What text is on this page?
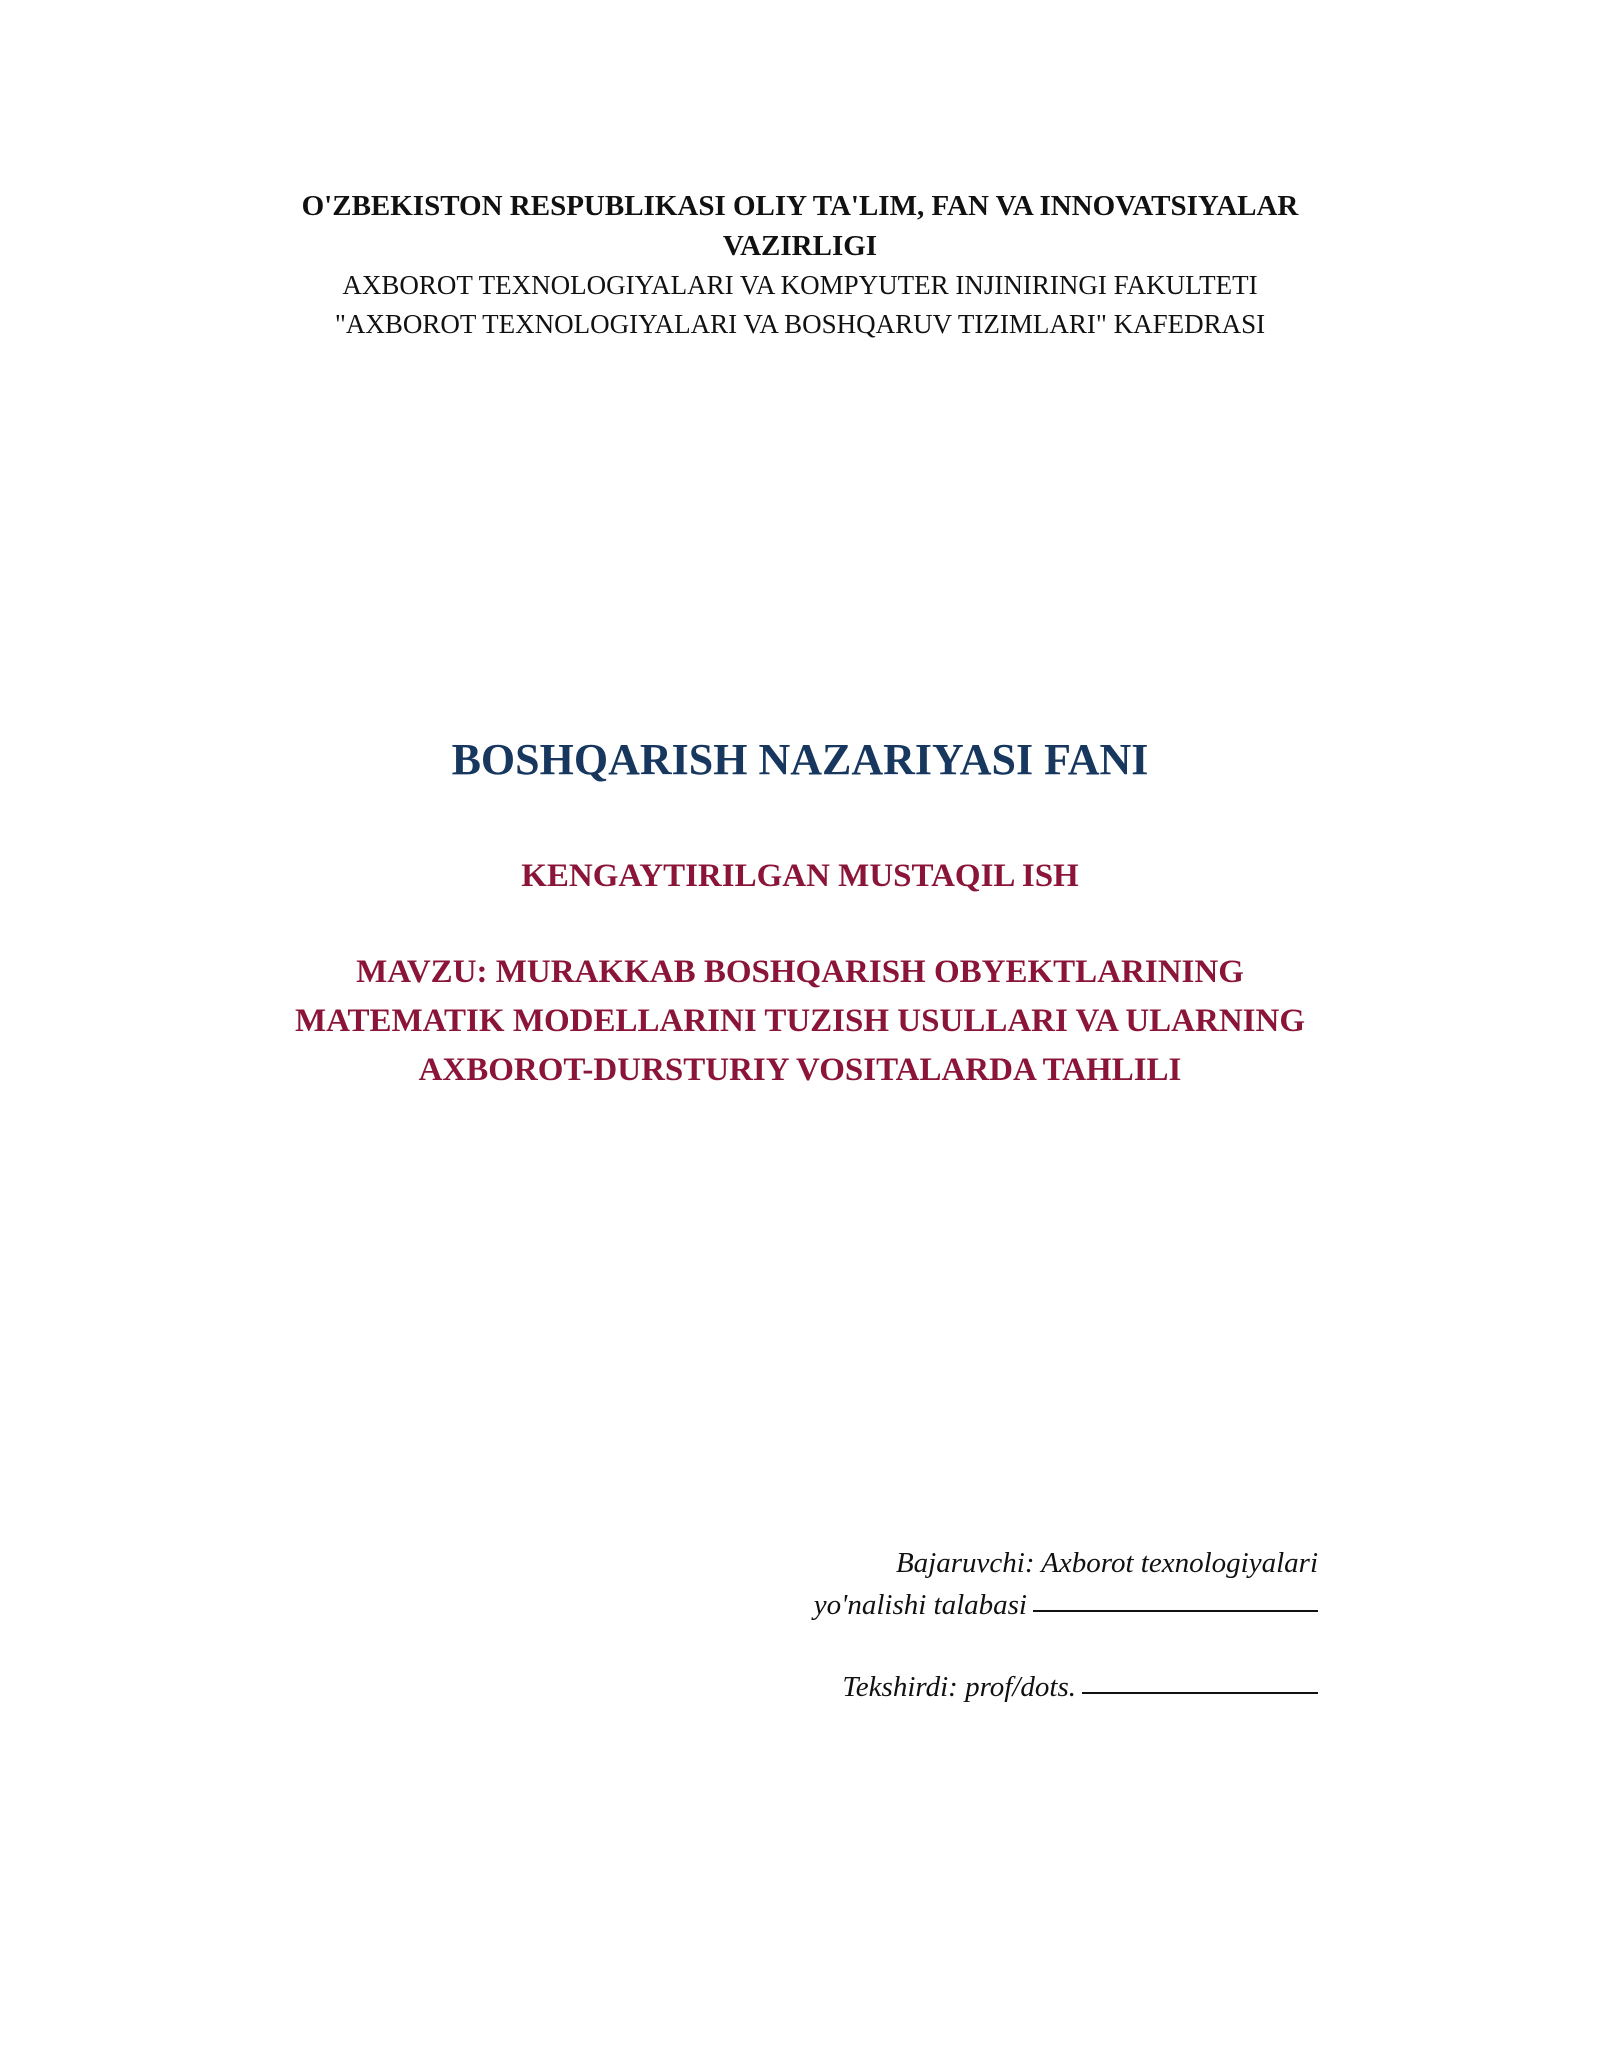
O'ZBEKISTON RESPUBLIKASI OLIY TA'LIM, FAN VA INNOVATSIYALAR
VAZIRLIGI

AXBOROT TEXNOLOGIYALARI VA KOMPYUTER INJINIRINGI FAKULTETI

"AXBOROT TEXNOLOGIYALARI VA BOSHQARUV TIZIMLARI" KAFEDRASI

BOSHQARISH NAZARIYASI FANI

KENGAYTIRILGAN MUSTAQIL ISH

MAVZU: MURAKKAB BOSHQARISH OBYEKTLARINING
MATEMATIK MODELLARINI TUZISH USULLARI VA ULARNING
AXBOROT-DURSTURIY VOSITALARDA TAHLILI

Bajaruvchi: Axborot texnologiyalari
yo'nalishi talabasi

Tekshirdi: prof/dots.
